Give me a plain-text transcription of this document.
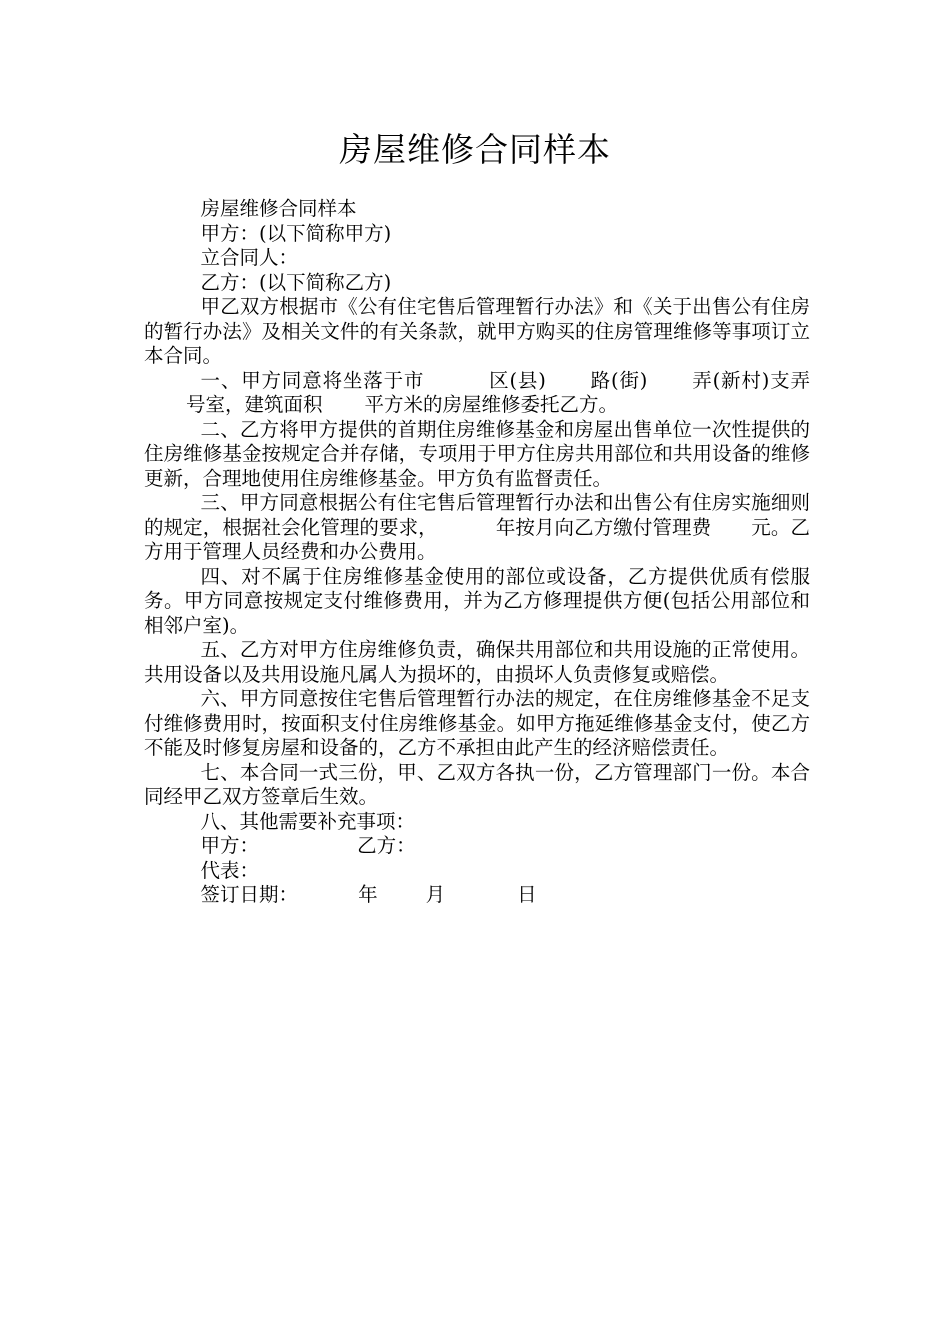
房屋维修合同样本

房屋维修合同样本

甲方：(以下简称甲方)

立合同人：

乙方：(以下简称乙方)

甲乙双方根据市《公有住宅售后管理暂行办法》和《关于出售公有住房的暂行办法》及相关文件的有关条款，就甲方购买的住房管理维修等事项订立本合同。

一、甲方同意将坐落于市	区(县) 路(街) 弄(新村)支弄号室，建筑面积 平方米的房屋维修委托乙方。

二、乙方将甲方提供的首期住房维修基金和房屋出售单位一次性提供的住房维修基金按规定合并存储，专项用于甲方住房共用部位和共用设备的维修更新，合理地使用住房维修基金。甲方负有监督责任。

三、甲方同意根据公有住宅售后管理暂行办法和出售公有住房实施细则的规定，根据社会化管理的要求，	年按月向乙方缴付管理费 元。乙方用于管理人员经费和办公费用。

四、对不属于住房维修基金使用的部位或设备，乙方提供优质有偿服务。甲方同意按规定支付维修费用，并为乙方修理提供方便(包括公用部位和相邻户室)。

五、乙方对甲方住房维修负责，确保共用部位和共用设施的正常使用。共用设备以及共用设施凡属人为损坏的，由损坏人负责修复或赔偿。

六、甲方同意按住宅售后管理暂行办法的规定，在住房维修基金不足支付维修费用时，按面积支付住房维修基金。如甲方拖延维修基金支付，使乙方不能及时修复房屋和设备的，乙方不承担由此产生的经济赔偿责任。

七、本合同一式三份，甲、乙双方各执一份，乙方管理部门一份。本合同经甲乙双方签章后生效。

八、其他需要补充事项：

甲方：	乙方：

代表：

签订日期：	年 月	日
